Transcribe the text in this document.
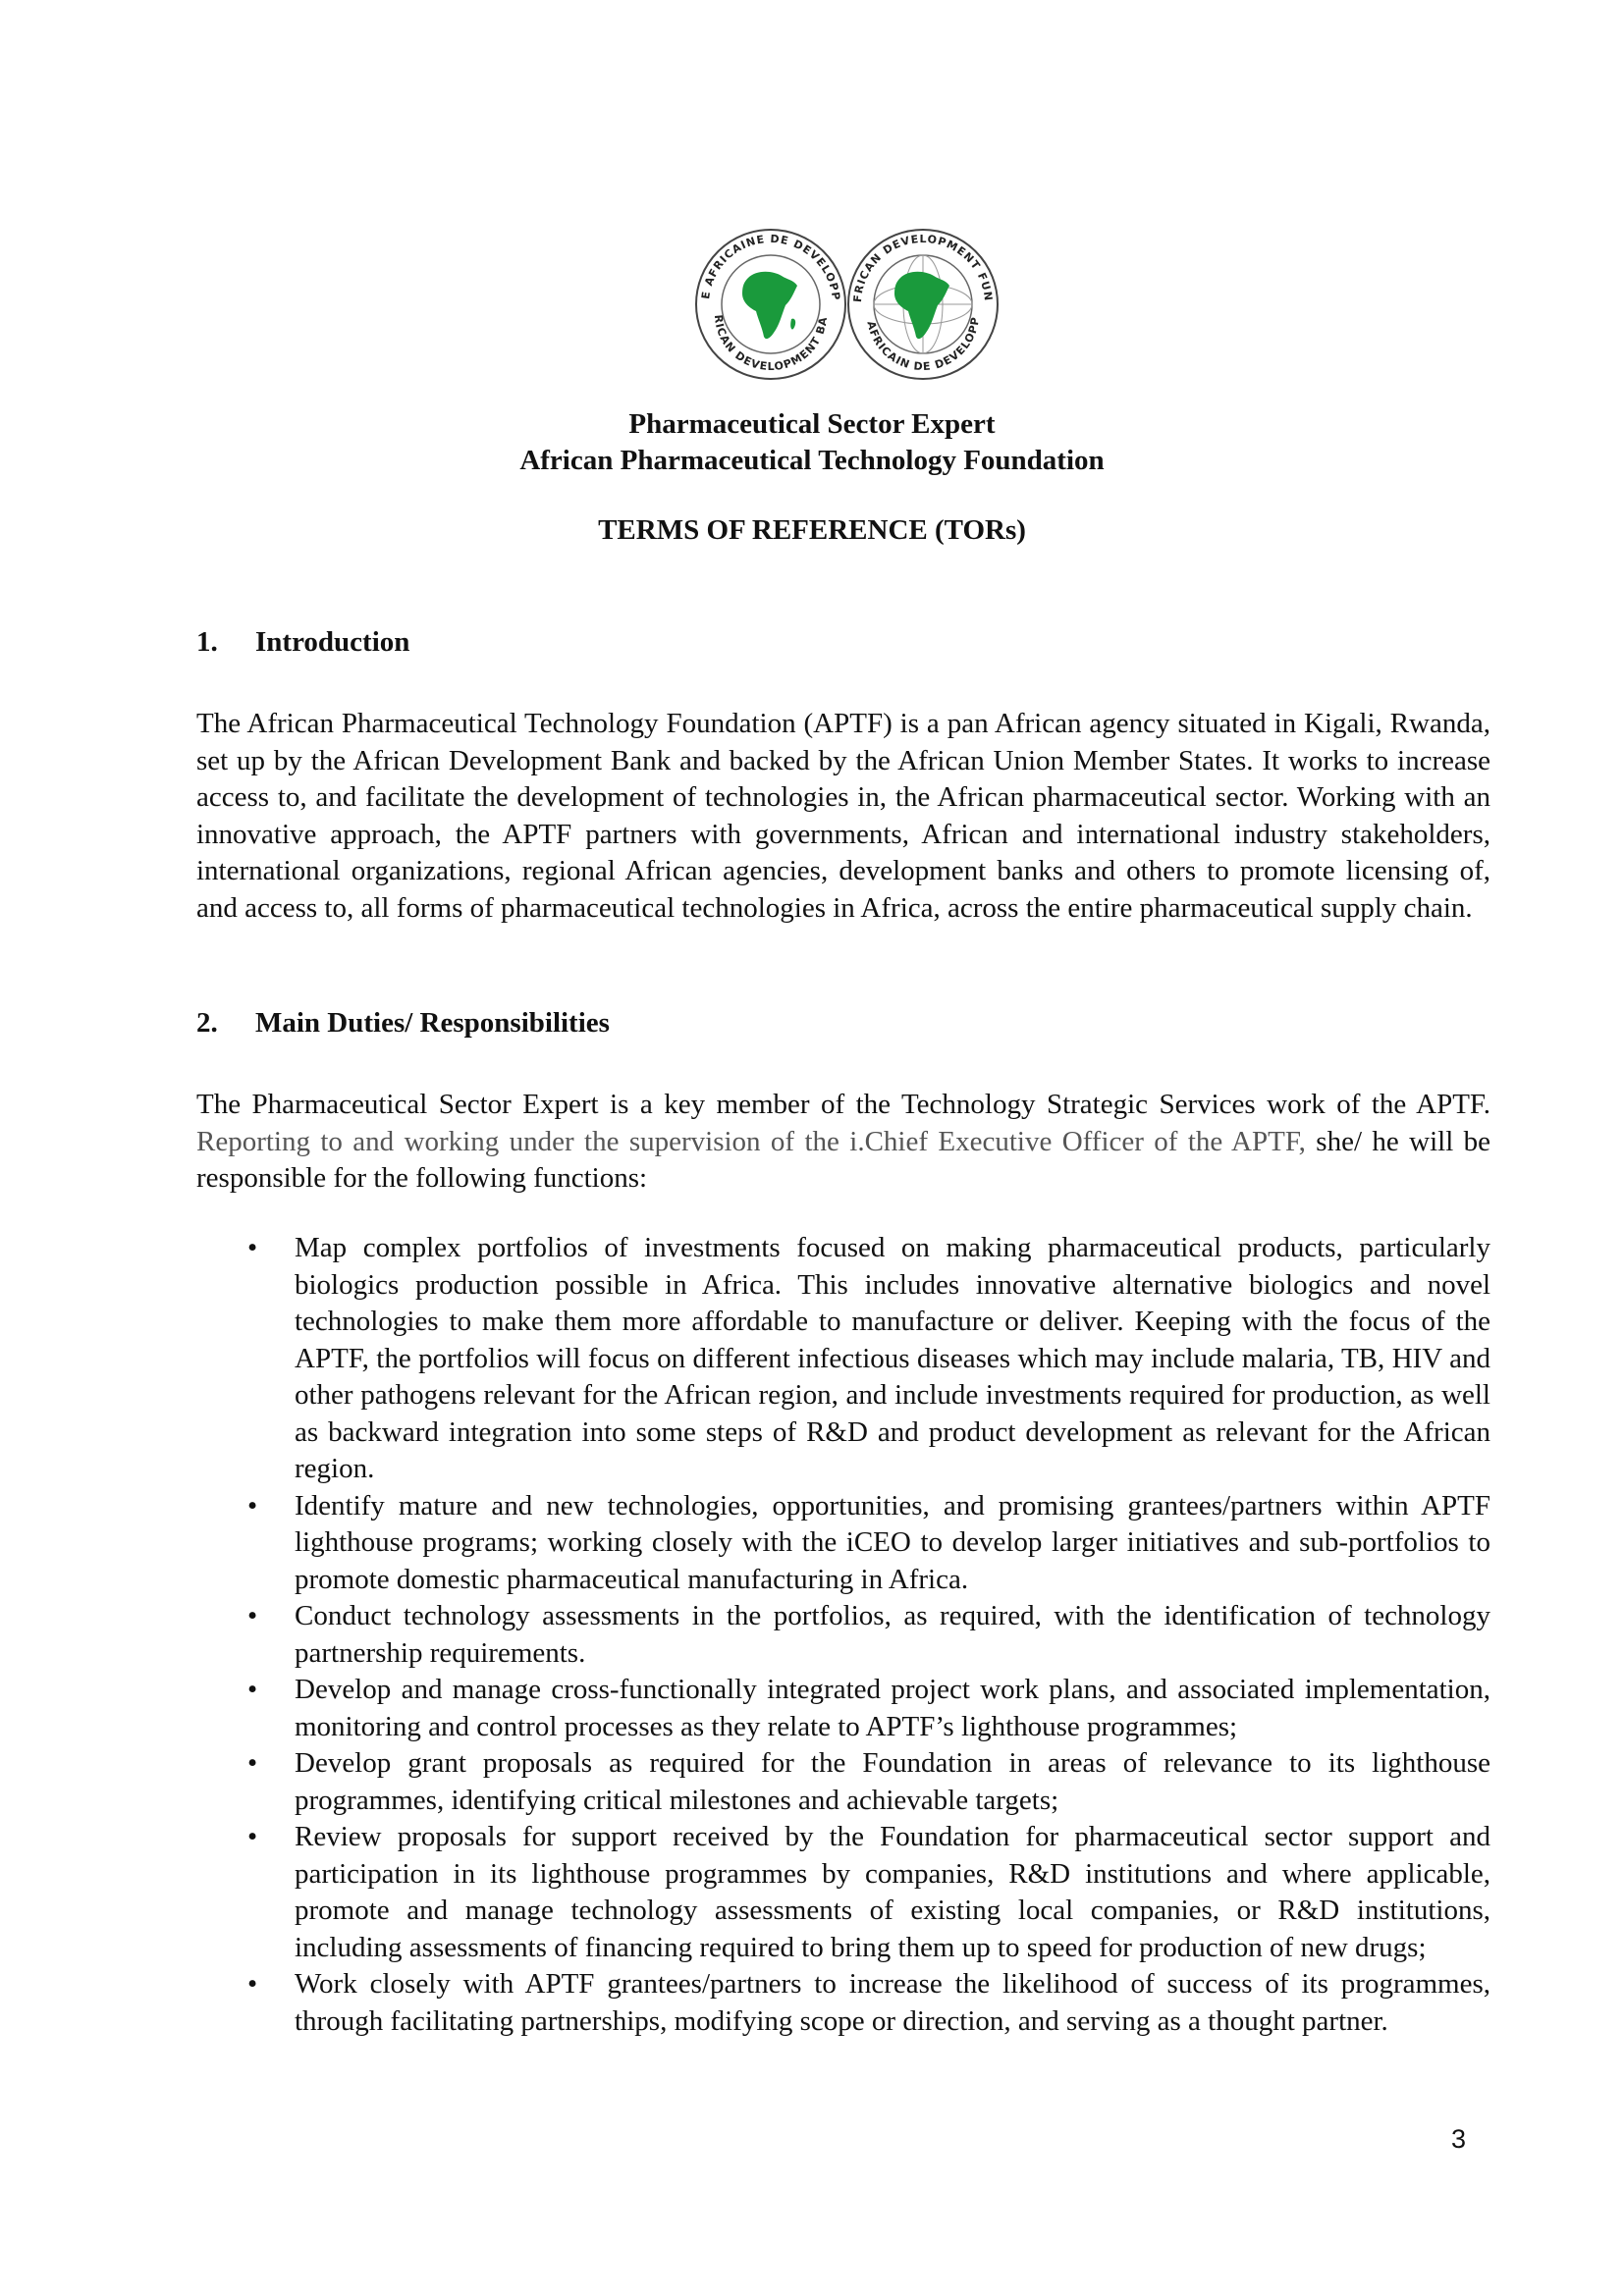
E AFRICAINE DE DEVELOPP
RICAN DEVELOPMENT BA
FRICAN DEVELOPMENT FUN
AFRICAIN DE DEVELOPP
Pharmaceutical Sector Expert
African Pharmaceutical Technology Foundation
TERMS OF REFERENCE (TORs)
1. Introduction

The African Pharmaceutical Technology Foundation (APTF) is a pan African agency situated in Kigali, Rwanda, set up by the African Development Bank and backed by the African Union Member States. It works to increase access to, and facilitate the development of technologies in, the African pharmaceutical sector. Working with an innovative approach, the APTF partners with governments, African and international industry stakeholders, international organizations, regional African agencies, development banks and others to promote licensing of, and access to, all forms of pharmaceutical technologies in Africa, across the entire pharmaceutical supply chain.

2. Main Duties/ Responsibilities

The Pharmaceutical Sector Expert is a key member of the Technology Strategic Services work of the APTF. Reporting to and working under the supervision of the i.Chief Executive Officer of the APTF, she/ he will be responsible for the following functions:

• Map complex portfolios of investments focused on making pharmaceutical products, particularly biologics production possible in Africa. This includes innovative alternative biologics and novel technologies to make them more affordable to manufacture or deliver. Keeping with the focus of the APTF, the portfolios will focus on different infectious diseases which may include malaria, TB, HIV and other pathogens relevant for the African region, and include investments required for production, as well as backward integration into some steps of R&D and product development as relevant for the African region.
• Identify mature and new technologies, opportunities, and promising grantees/partners within APTF lighthouse programs; working closely with the iCEO to develop larger initiatives and sub-portfolios to promote domestic pharmaceutical manufacturing in Africa.
• Conduct technology assessments in the portfolios, as required, with the identification of technology partnership requirements.
• Develop and manage cross-functionally integrated project work plans, and associated implementation, monitoring and control processes as they relate to APTF’s lighthouse programmes;
• Develop grant proposals as required for the Foundation in areas of relevance to its lighthouse programmes, identifying critical milestones and achievable targets;
• Review proposals for support received by the Foundation for pharmaceutical sector support and participation in its lighthouse programmes by companies, R&D institutions and where applicable, promote and manage technology assessments of existing local companies, or R&D institutions, including assessments of financing required to bring them up to speed for production of new drugs;
• Work closely with APTF grantees/partners to increase the likelihood of success of its programmes, through facilitating partnerships, modifying scope or direction, and serving as a thought partner.
3
